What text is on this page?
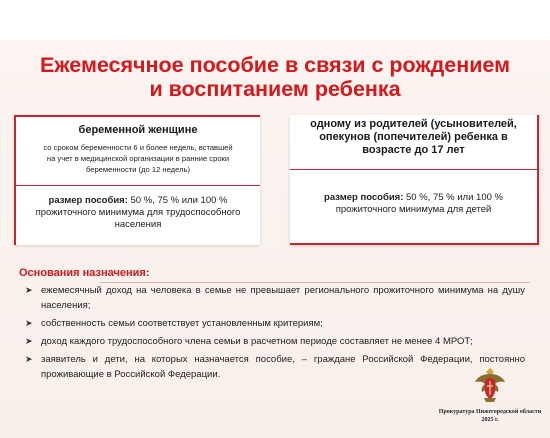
Ежемесячное пособие в связи с рождением
и воспитанием ребенка

беременной женщине

со сроком беременности 6 и более недель, вставшей

на учет в медицинской организации в ранние сроки

беременности (до 12 недель)

размер пособия: 50 %, 75 % или 100 %

прожиточного минимума для трудоспособного

населения

одному из родителей (усыновителей,

опекунов (попечителей) ребенка в

возрасте до 17 лет

размер пособия: 50 %, 75 % или 100 %

прожиточного минимума для детей

Основания назначения:
➤ ежемесячный доход на человека в семье не превышает регионального прожиточного минимума на душу населения;
➤ собственность семьи соответствует установленным критериям;
➤ доход каждого трудоспособного члена семьи в расчетном периоде составляет не менее 4 МРОТ;
➤ заявитель и дети, на которых назначается пособие, – граждане Российской Федерации, постоянно проживающие в Российской Федерации.
Прокуратура Нижегородской области
2025 г.
